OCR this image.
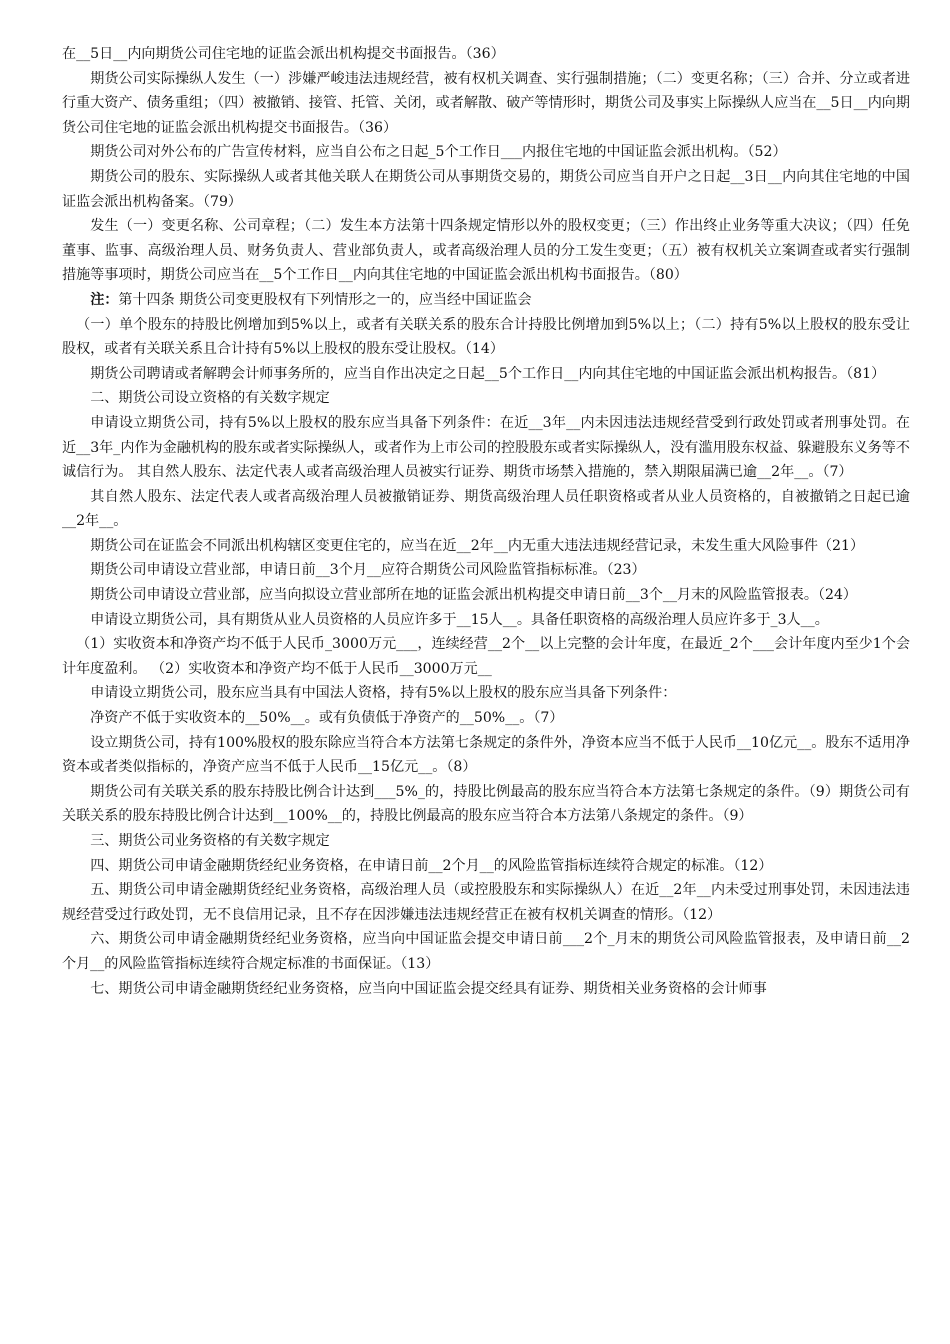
在__5日__内向期货公司住宅地的证监会派出机构提交书面报告。（36）

期货公司实际操纵人发生（一）涉嫌严峻违法违规经营，被有权机关调查、实行强制措施；（二）变更名称；（三）合并、分立或者进行重大资产、债务重组；（四）被撤销、接管、托管、关闭，或者解散、破产等情形时，期货公司及事实上际操纵人应当在__5日__内向期货公司住宅地的证监会派出机构提交书面报告。（36）

期货公司对外公布的广告宣传材料，应当自公布之日起_5个工作日___内报住宅地的中国证监会派出机构。（52）

期货公司的股东、实际操纵人或者其他关联人在期货公司从事期货交易的，期货公司应当自开户之日起__3日__内向其住宅地的中国证监会派出机构备案。（79）

发生（一）变更名称、公司章程；（二）发生本方法第十四条规定情形以外的股权变更；（三）作出终止业务等重大决议；（四）任免董事、监事、高级治理人员、财务负责人、营业部负责人，或者高级治理人员的分工发生变更；（五）被有权机关立案调查或者实行强制措施等事项时，期货公司应当在__5个工作日__内向其住宅地的中国证监会派出机构书面报告。（80）

注：第十四条 期货公司变更股权有下列情形之一的，应当经中国证监会

（一）单个股东的持股比例增加到5%以上，或者有关联关系的股东合计持股比例增加到5%以上；（二）持有5%以上股权的股东受让股权，或者有关联关系且合计持有5%以上股权的股东受让股权。（14）

期货公司聘请或者解聘会计师事务所的，应当自作出决定之日起__5个工作日__内向其住宅地的中国证监会派出机构报告。（81）

二、期货公司设立资格的有关数字规定

申请设立期货公司，持有5%以上股权的股东应当具备下列条件：在近__3年__内未因违法违规经营受到行政处罚或者刑事处罚。在近__3年_内作为金融机构的股东或者实际操纵人，或者作为上市公司的控股股东或者实际操纵人，没有滥用股东权益、躲避股东义务等不诚信行为。 其自然人股东、法定代表人或者高级治理人员被实行证券、期货市场禁入措施的，禁入期限届满已逾__2年__。（7）

其自然人股东、法定代表人或者高级治理人员被撤销证券、期货高级治理人员任职资格或者从业人员资格的，自被撤销之日起已逾__2年__。

期货公司在证监会不同派出机构辖区变更住宅的，应当在近__2年__内无重大违法违规经营记录，未发生重大风险事件（21）

期货公司申请设立营业部，申请日前__3个月__应符合期货公司风险监管指标标准。（23）

期货公司申请设立营业部，应当向拟设立营业部所在地的证监会派出机构提交申请日前__3个__月末的风险监管报表。（24）

申请设立期货公司，具有期货从业人员资格的人员应许多于__15人__。具备任职资格的高级治理人员应许多于_3人__。

（1）实收资本和净资产均不低于人民币_3000万元___，连续经营__2个__以上完整的会计年度，在最近_2个___会计年度内至少1个会计年度盈利。 （2）实收资本和净资产均不低于人民币__3000万元__

申请设立期货公司，股东应当具有中国法人资格，持有5%以上股权的股东应当具备下列条件：

净资产不低于实收资本的__50%__。或有负债低于净资产的__50%__。（7）

设立期货公司，持有100%股权的股东除应当符合本方法第七条规定的条件外，净资本应当不低于人民币__10亿元__。股东不适用净资本或者类似指标的，净资产应当不低于人民币__15亿元__。（8）

期货公司有关联关系的股东持股比例合计达到___5%_的，持股比例最高的股东应当符合本方法第七条规定的条件。（9）期货公司有关联关系的股东持股比例合计达到__100%__的，持股比例最高的股东应当符合本方法第八条规定的条件。（9）

三、期货公司业务资格的有关数字规定

四、期货公司申请金融期货经纪业务资格，在申请日前__2个月__的风险监管指标连续符合规定的标准。（12）

五、期货公司申请金融期货经纪业务资格，高级治理人员（或控股股东和实际操纵人）在近__2年__内未受过刑事处罚，未因违法违规经营受过行政处罚，无不良信用记录，且不存在因涉嫌违法违规经营正在被有权机关调查的情形。（12）

六、期货公司申请金融期货经纪业务资格，应当向中国证监会提交申请日前___2个_月末的期货公司风险监管报表，及申请日前__2个月__的风险监管指标连续符合规定标准的书面保证。（13）

七、期货公司申请金融期货经纪业务资格，应当向中国证监会提交经具有证券、期货相关业务资格的会计师事
